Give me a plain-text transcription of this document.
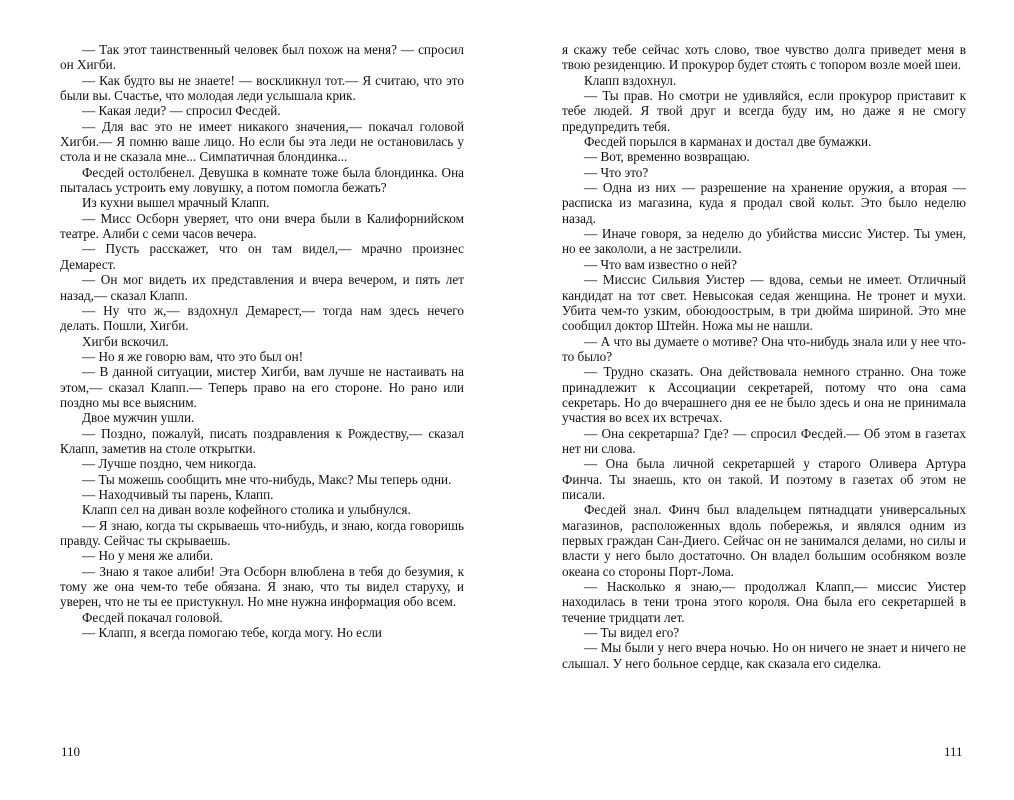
— Так этот таинственный человек был похож на меня? — спросил он Хигби.

— Как будто вы не знаете! — воскликнул тот.— Я считаю, что это были вы. Счастье, что молодая леди услышала крик.

— Какая леди? — спросил Фесдей.

— Для вас это не имеет никакого значения,— покачал головой Хигби.— Я помню ваше лицо. Но если бы эта леди не остановилась у стола и не сказала мне... Симпатичная блондинка...

Фесдей остолбенел. Девушка в комнате тоже была блондинка. Она пыталась устроить ему ловушку, а потом помогла бежать?

Из кухни вышел мрачный Клапп.

— Мисс Осборн уверяет, что они вчера были в Калифорнийском театре. Алиби с семи часов вечера.

— Пусть расскажет, что он там видел,— мрачно произнес Демарест.

— Он мог видеть их представления и вчера вечером, и пять лет назад,— сказал Клапп.

— Ну что ж,— вздохнул Демарест,— тогда нам здесь нечего делать. Пошли, Хигби.

Хигби вскочил.

— Но я же говорю вам, что это был он!

— В данной ситуации, мистер Хигби, вам лучше не настаивать на этом,— сказал Клапп.— Теперь право на его стороне. Но рано или поздно мы все выясним.

Двое мужчин ушли.

— Поздно, пожалуй, писать поздравления к Рождеству,— сказал Клапп, заметив на столе открытки.

— Лучше поздно, чем никогда.

— Ты можешь сообщить мне что-нибудь, Макс? Мы теперь одни.

— Находчивый ты парень, Клапп.

Клапп сел на диван возле кофейного столика и улыбнулся.

— Я знаю, когда ты скрываешь что-нибудь, и знаю, когда говоришь правду. Сейчас ты скрываешь.

— Но у меня же алиби.

— Знаю я такое алиби! Эта Осборн влюблена в тебя до безумия, к тому же она чем-то тебе обязана. Я знаю, что ты видел старуху, и уверен, что не ты ее пристукнул. Но мне нужна информация обо всем.

Фесдей покачал головой.

— Клапп, я всегда помогаю тебе, когда могу. Но если

110

я скажу тебе сейчас хоть слово, твое чувство долга приведет меня в твою резиденцию. И прокурор будет стоять с топором возле моей шеи.

Клапп вздохнул.

— Ты прав. Но смотри не удивляйся, если прокурор приставит к тебе людей. Я твой друг и всегда буду им, но даже я не смогу предупредить тебя.

Фесдей порылся в карманах и достал две бумажки.

— Вот, временно возвращаю.

— Что это?

— Одна из них — разрешение на хранение оружия, а вторая — расписка из магазина, куда я продал свой кольт. Это было неделю назад.

— Иначе говоря, за неделю до убийства миссис Уистер. Ты умен, но ее закололи, а не застрелили.

— Что вам известно о ней?

— Миссис Сильвия Уистер — вдова, семьи не имеет. Отличный кандидат на тот свет. Невысокая седая женщина. Не тронет и мухи. Убита чем-то узким, обоюдоострым, в три дюйма шириной. Это мне сообщил доктор Штейн. Ножа мы не нашли.

— А что вы думаете о мотиве? Она что-нибудь знала или у нее что-то было?

— Трудно сказать. Она действовала немного странно. Она тоже принадлежит к Ассоциации секретарей, потому что она сама секретарь. Но до вчерашнего дня ее не было здесь и она не принимала участия во всех их встречах.

— Она секретарша? Где? — спросил Фесдей.— Об этом в газетах нет ни слова.

— Она была личной секретаршей у старого Оливера Артура Финча. Ты знаешь, кто он такой. И поэтому в газетах об этом не писали.

Фесдей знал. Финч был владельцем пятнадцати универсальных магазинов, расположенных вдоль побережья, и являлся одним из первых граждан Сан-Диего. Сейчас он не занимался делами, но силы и власти у него было достаточно. Он владел большим особняком возле океана со стороны Порт-Лома.

— Насколько я знаю,— продолжал Клапп,— миссис Уистер находилась в тени трона этого короля. Она была его секретаршей в течение тридцати лет.

— Ты видел его?

— Мы были у него вчера ночью. Но он ничего не знает и ничего не слышал. У него больное сердце, как сказала его сиделка.

111
